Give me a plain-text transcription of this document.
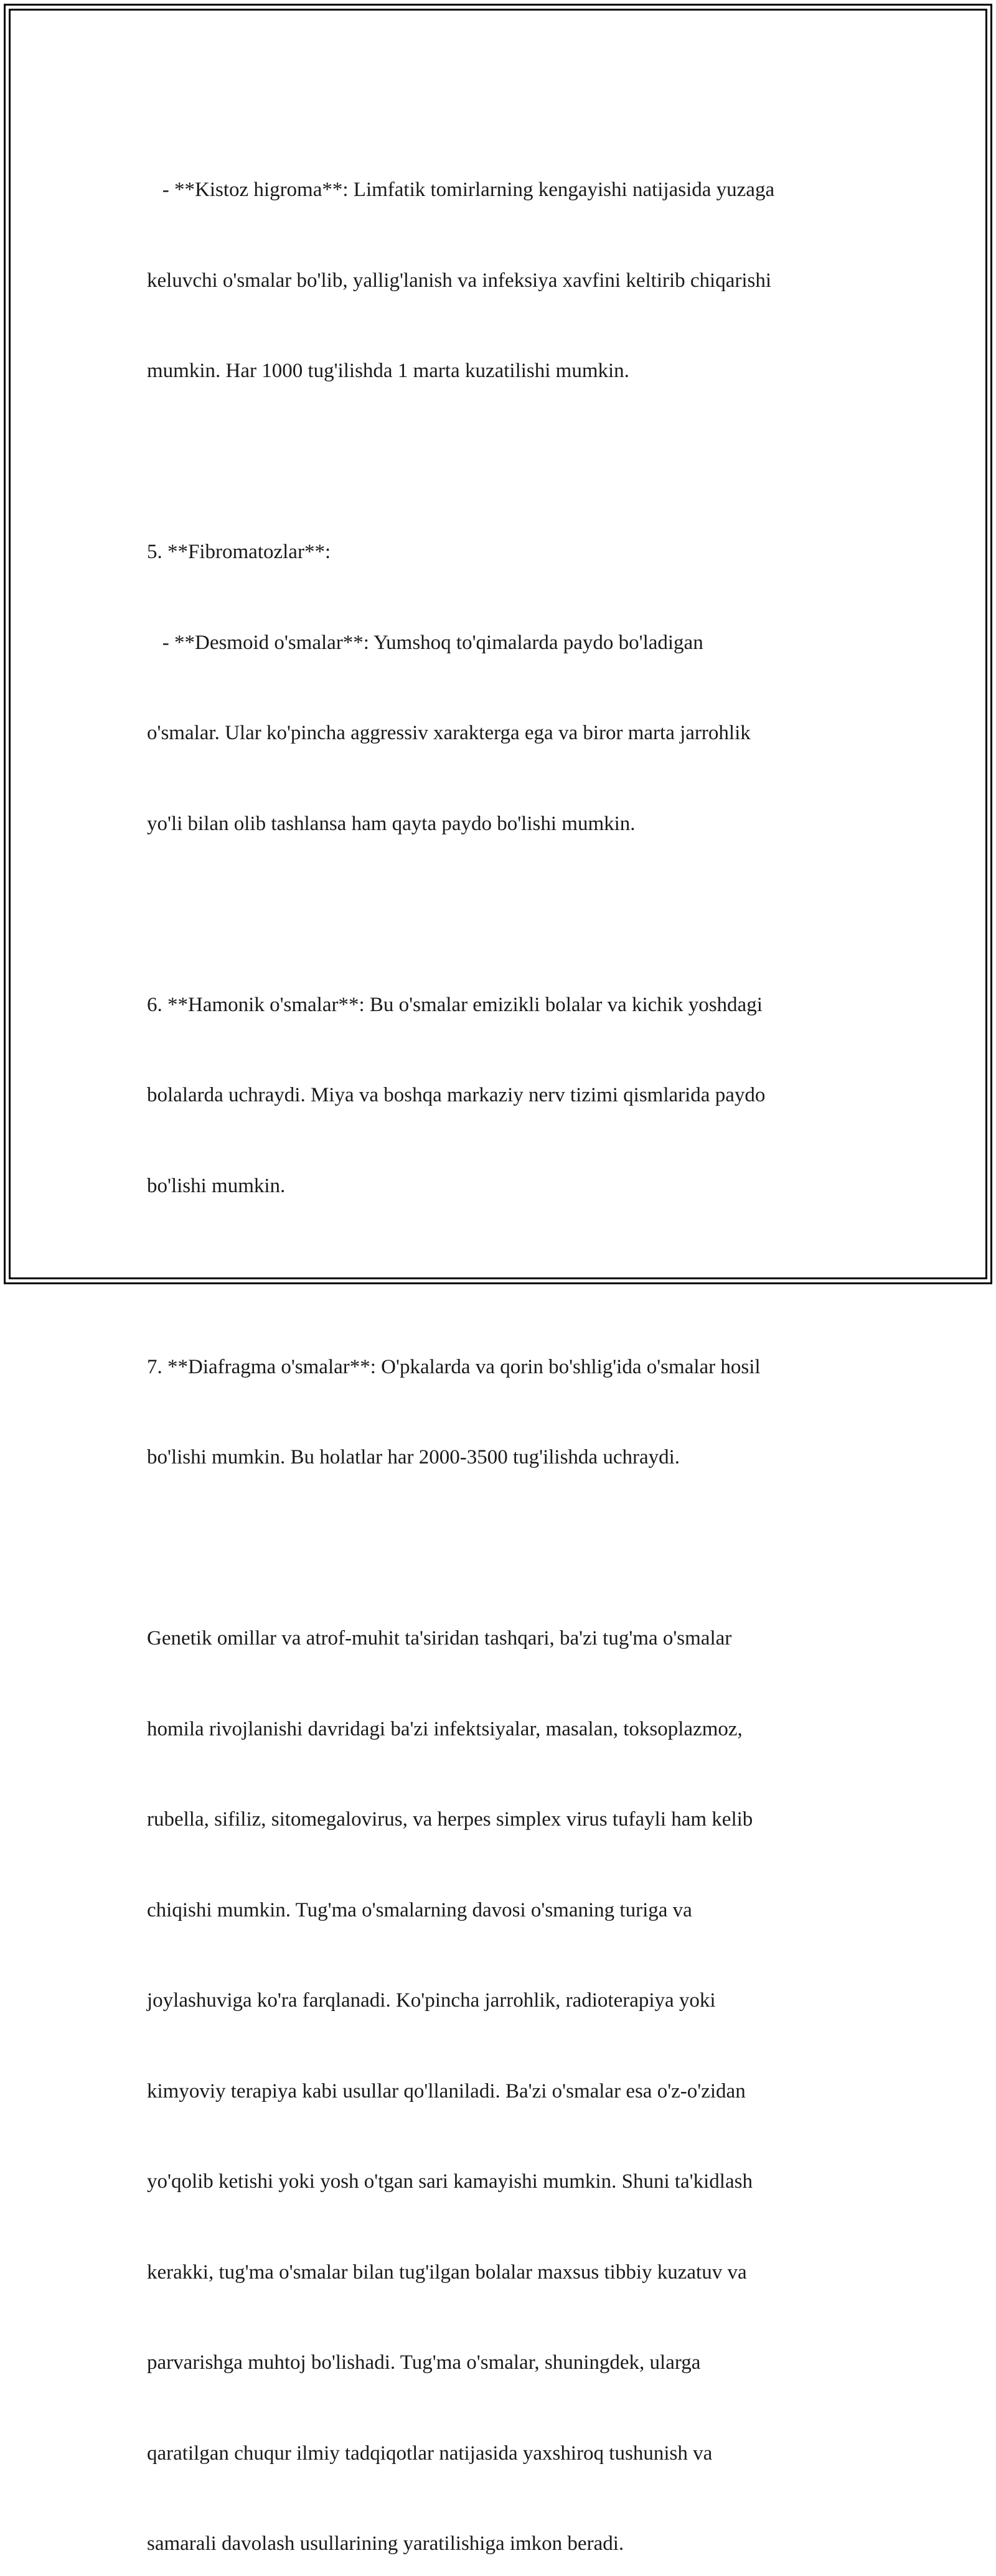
- **Kistoz higroma**: Limfatik tomirlarning kengayishi natijasida yuzaga

keluvchi o'smalar bo'lib, yallig'lanish va infeksiya xavfini keltirib chiqarishi

mumkin. Har 1000 tug'ilishda 1 marta kuzatilishi mumkin.

5. **Fibromatozlar**:

- **Desmoid o'smalar**: Yumshoq to'qimalarda paydo bo'ladigan

o'smalar. Ular ko'pincha aggressiv xarakterga ega va biror marta jarrohlik

yo'li bilan olib tashlansa ham qayta paydo bo'lishi mumkin.

6. **Hamonik o'smalar**: Bu o'smalar emizikli bolalar va kichik yoshdagi

bolalarda uchraydi. Miya va boshqa markaziy nerv tizimi qismlarida paydo

bo'lishi mumkin.

7. **Diafragma o'smalar**: O'pkalarda va qorin bo'shlig'ida o'smalar hosil

bo'lishi mumkin. Bu holatlar har 2000-3500 tug'ilishda uchraydi.

Genetik omillar va atrof-muhit ta'siridan tashqari, ba'zi tug'ma o'smalar

homila rivojlanishi davridagi ba'zi infektsiyalar, masalan, toksoplazmoz,

rubella, sifiliz, sitomegalovirus, va herpes simplex virus tufayli ham kelib

chiqishi mumkin. Tug'ma o'smalarning davosi o'smaning turiga va

joylashuviga ko'ra farqlanadi. Ko'pincha jarrohlik, radioterapiya yoki

kimyoviy terapiya kabi usullar qo'llaniladi. Ba'zi o'smalar esa o'z-o'zidan

yo'qolib ketishi yoki yosh o'tgan sari kamayishi mumkin. Shuni ta'kidlash

kerakki, tug'ma o'smalar bilan tug'ilgan bolalar maxsus tibbiy kuzatuv va

parvarishga muhtoj bo'lishadi. Tug'ma o'smalar, shuningdek, ularga

qaratilgan chuqur ilmiy tadqiqotlar natijasida yaxshiroq tushunish va

samarali davolash usullarining yaratilishiga imkon beradi.
